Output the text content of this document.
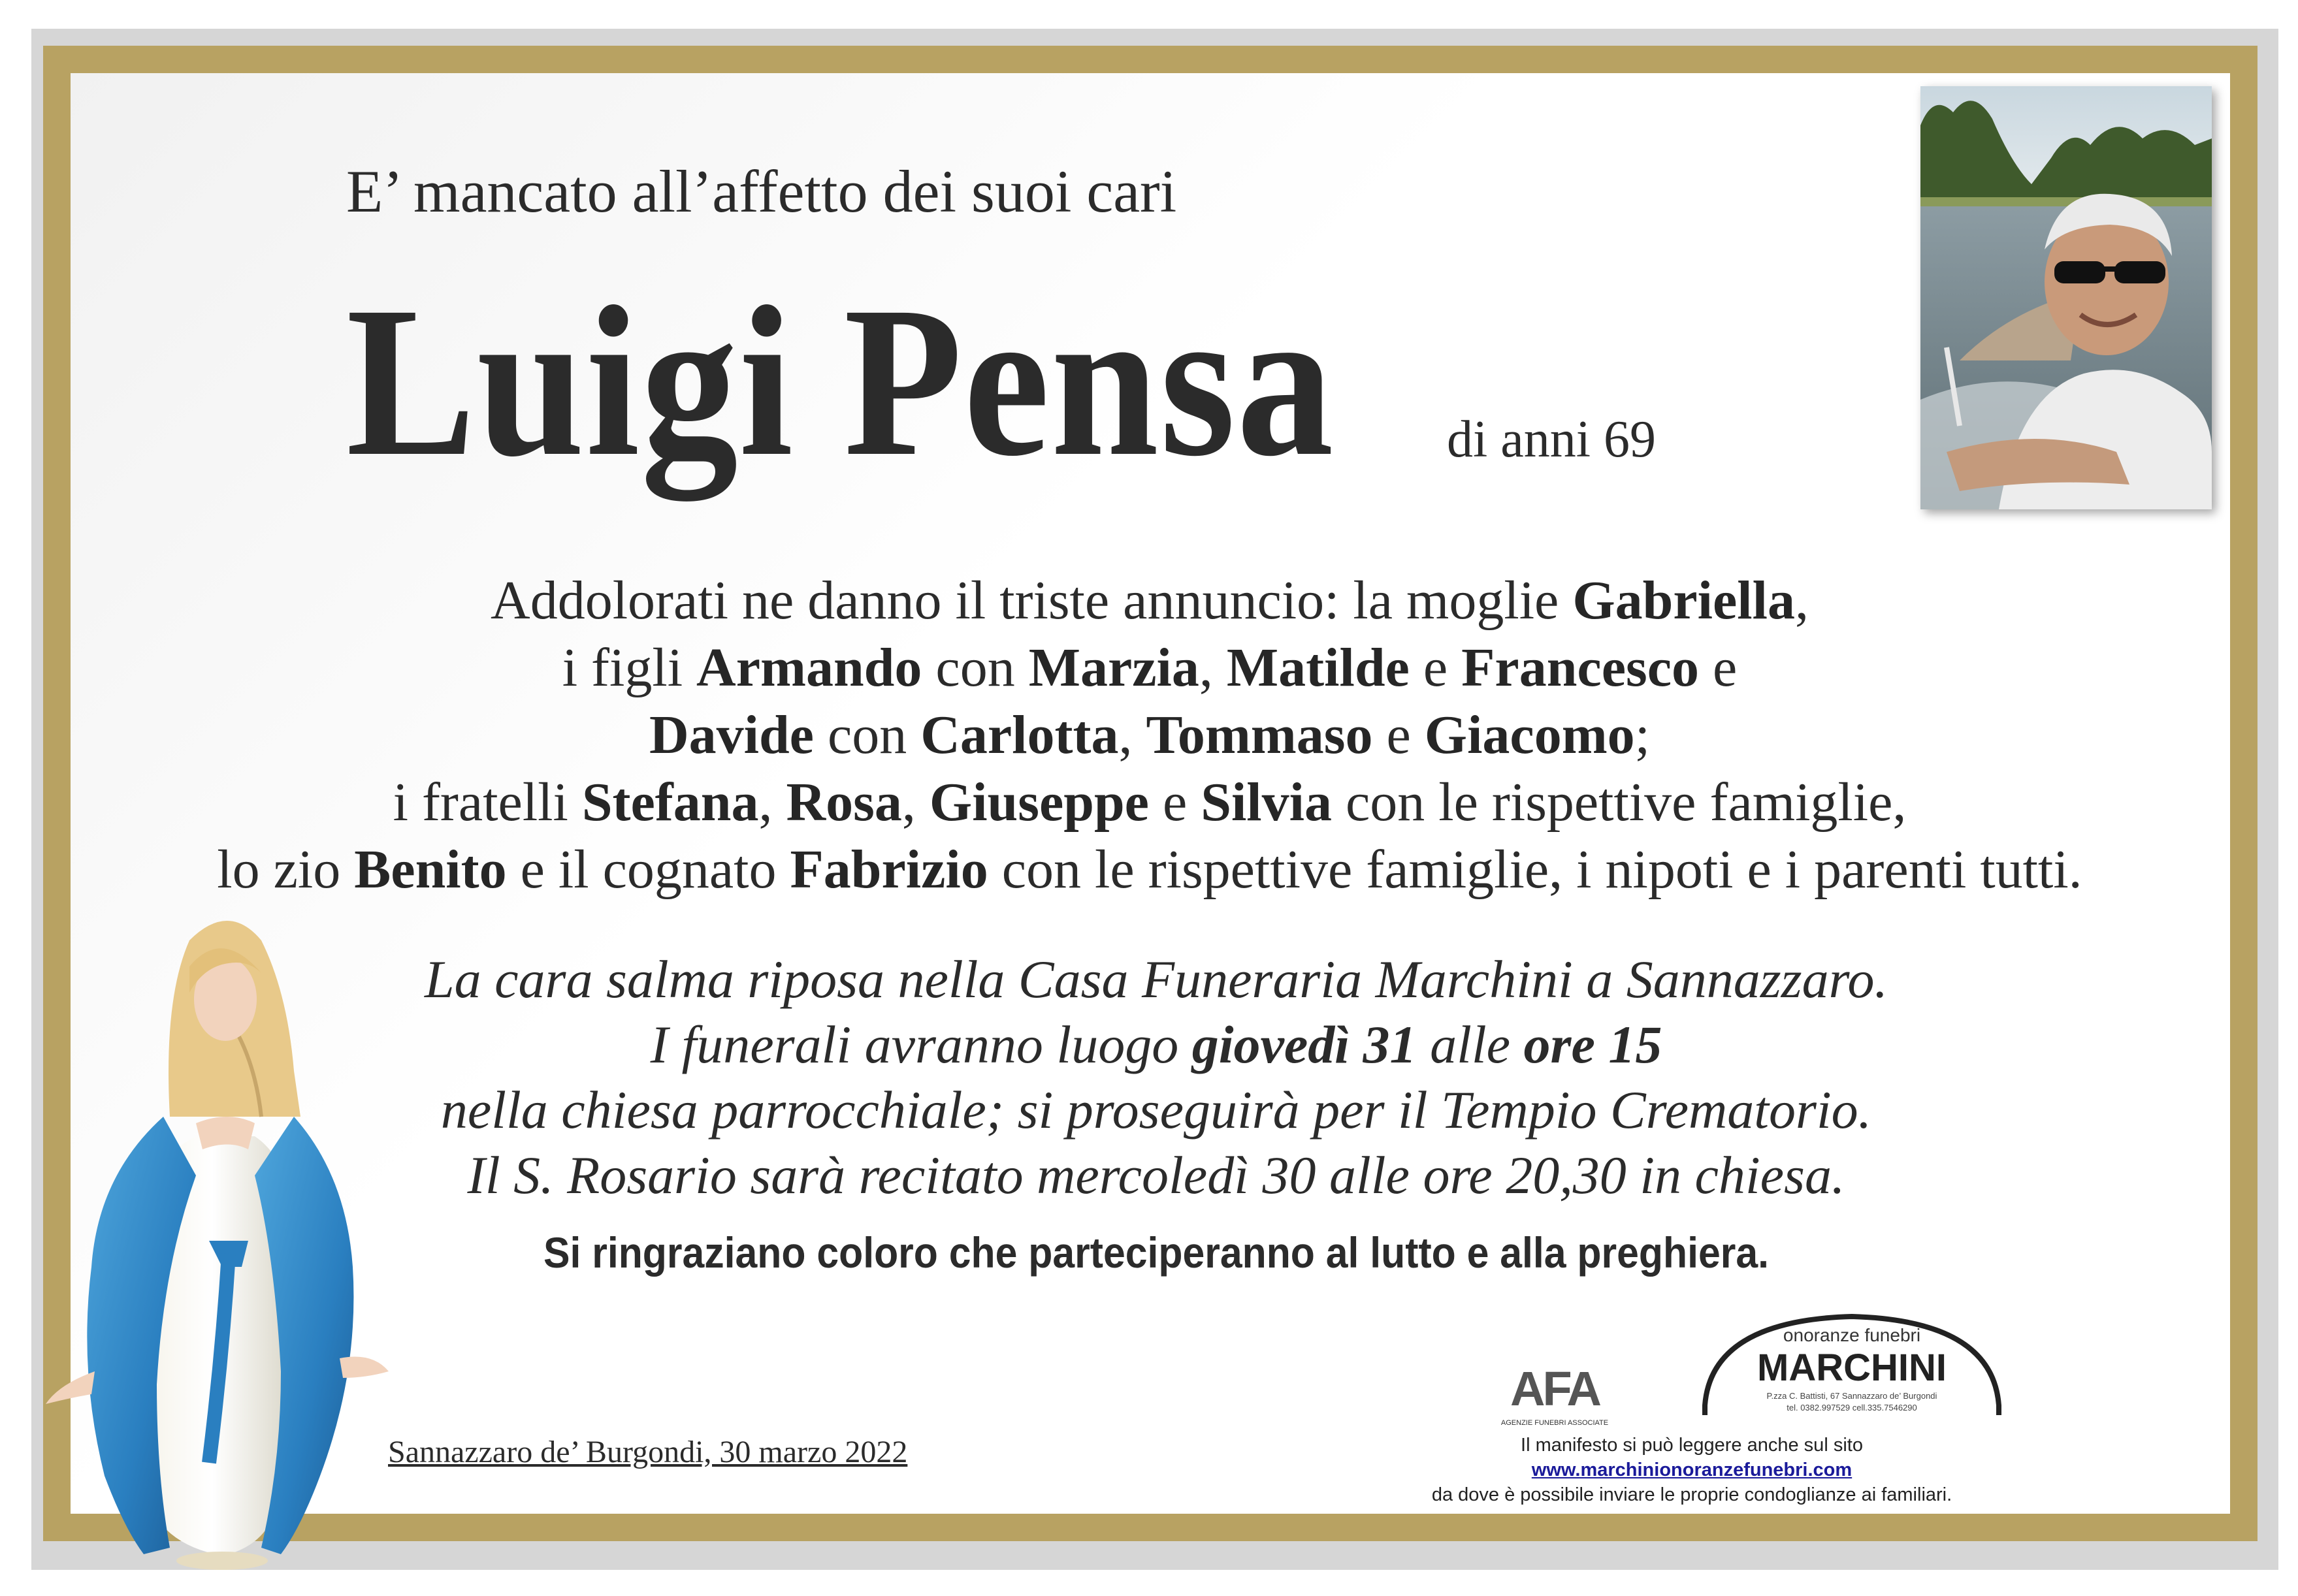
E’ mancato all’affetto dei suoi cari
Luigi Pensa di anni 69
Addolorati ne danno il triste annuncio: la moglie Gabriella,
i figli Armando con Marzia, Matilde e Francesco e
Davide con Carlotta, Tommaso e Giacomo;
i fratelli Stefana, Rosa, Giuseppe e Silvia con le rispettive famiglie,
lo zio Benito e il cognato Fabrizio con le rispettive famiglie, i nipoti e i parenti tutti.
La cara salma riposa nella Casa Funeraria Marchini a Sannazzaro.
I funerali avranno luogo giovedì 31 alle ore 15
nella chiesa parrocchiale; si proseguirà per il Tempio Crematorio.
Il S. Rosario sarà recitato mercoledì 30 alle ore 20,30 in chiesa.
Si ringraziano coloro che parteciperanno al lutto e alla preghiera.
Sannazzaro de’ Burgondi, 30 marzo 2022
AFA
AGENZIE FUNEBRI ASSOCIATE
onoranze funebri
MARCHINI
P.zza C. Battisti, 67 Sannazzaro de’ Burgondi
tel. 0382.997529 cell.335.7546290
Il manifesto si può leggere anche sul sito www.marchinionoranzefunebri.com
da dove è possibile inviare le proprie condoglianze ai familiari.
